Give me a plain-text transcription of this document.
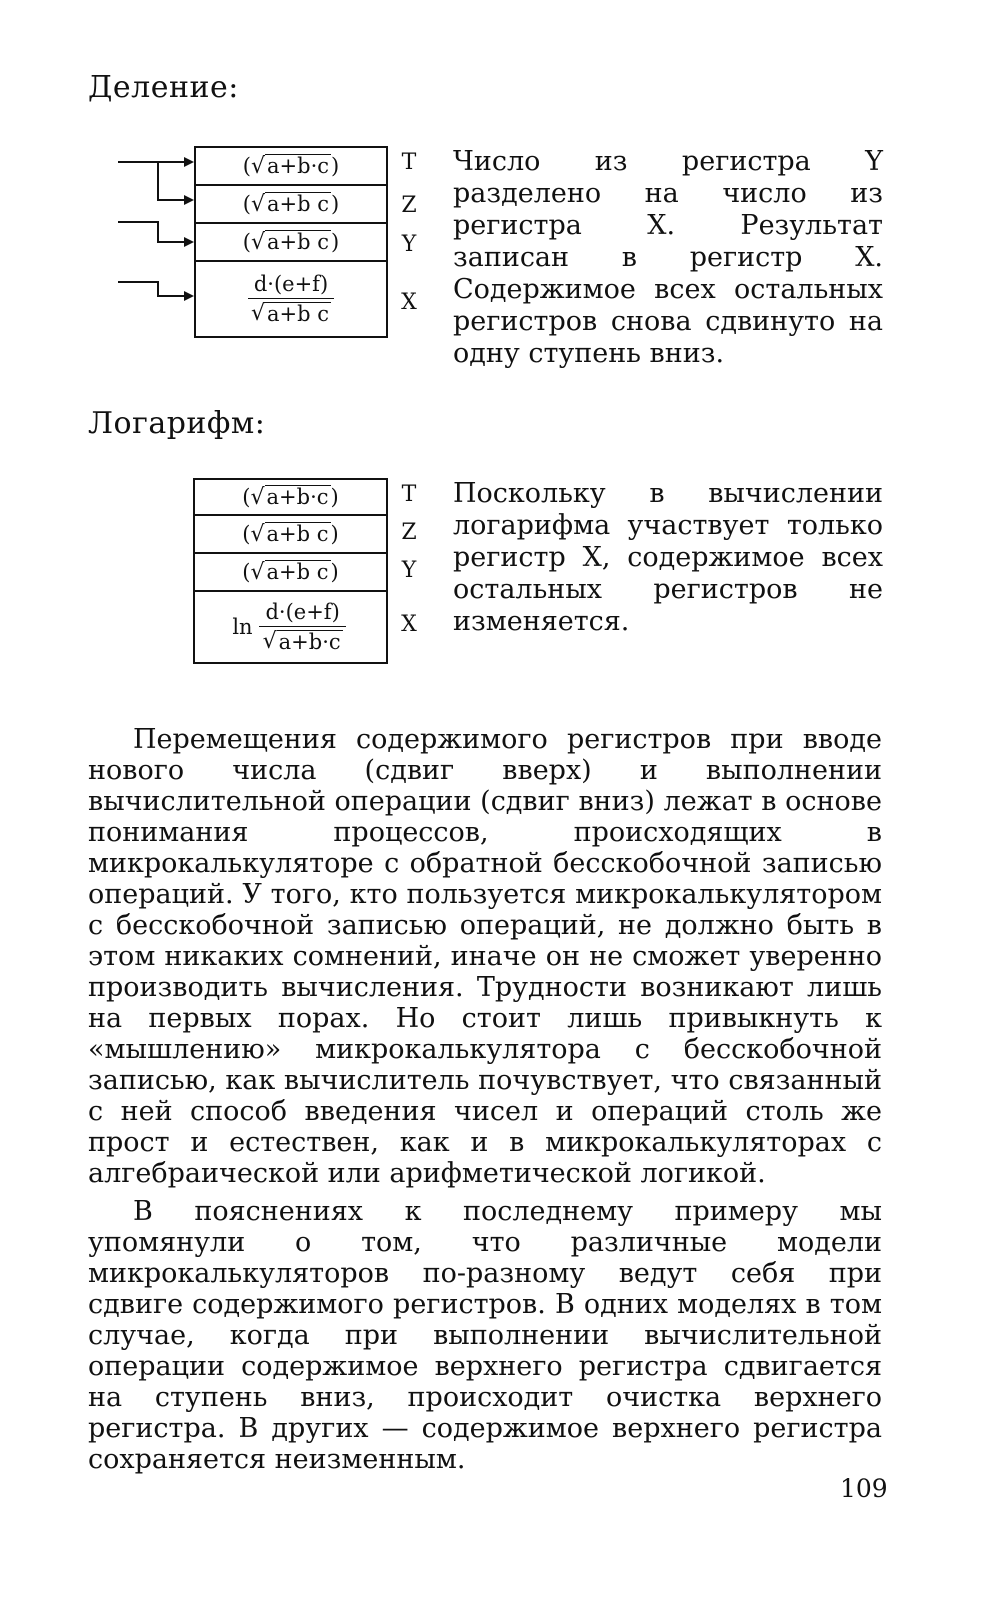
Деление:
( √ a+b·c )
( √ a+b c )
( √ a+b c )
$\frac{d\cdot(e+f)}{\text{√ a+b c}}$
T
Z
Y
X
Число из регистра Y разделено на число из регистра X. Результат записан в регистр X. Содержимое всех остальных регистров снова сдвинуто на одну ступень вниз.
Логарифм:
( √ a+b·c )
( √ a+b c )
( √ a+b c )
$\ln \frac{d\cdot(e+f)}{√ a+b\cdot c}$
T
Z
Y
X
Поскольку в вычислении логарифма участвует только регистр X, содержимое всех остальных регистров не изменяется.

Перемещения содержимого регистров при вводе нового числа (сдвиг вверх) и выполнении вычислительной операции (сдвиг вниз) лежат в основе понимания процессов, происходящих в микрокалькуляторе с обратной бесскобочной записью операций. У того, кто пользуется микрокалькулятором с бесскобочной записью операций, не должно быть в этом никаких сомнений, иначе он не сможет уверенно производить вычисления. Трудности возникают лишь на первых порах. Но стоит лишь привыкнуть к «мышлению» микрокалькулятора с бесскобочной записью, как вычислитель почувствует, что связанный с ней способ введения чисел и операций столь же прост и естествен, как и в микрокалькуляторах с алгебраической или арифметической логикой.

В пояснениях к последнему примеру мы упомянули о том, что различные модели микрокалькуляторов по-разному ведут себя при сдвиге содержимого регистров. В одних моделях в том случае, когда при выполнении вычислительной операции содержимое верхнего регистра сдвигается на ступень вниз, происходит очистка верхнего регистра. В других — содержимое верхнего регистра сохраняется неизменным.

109
